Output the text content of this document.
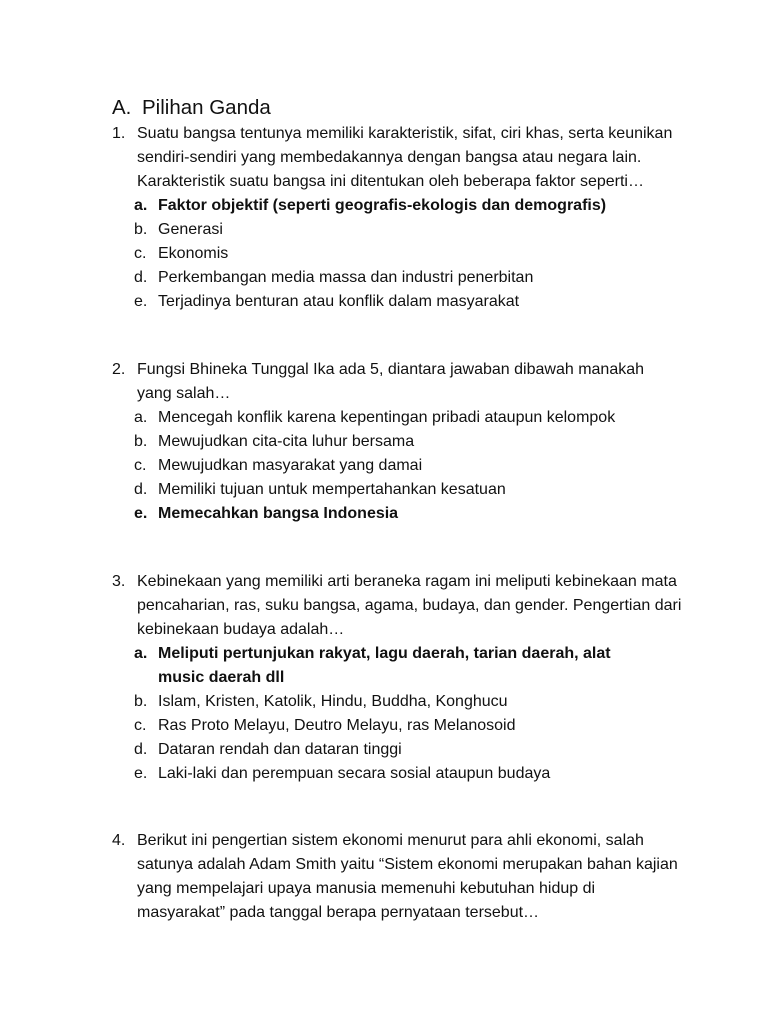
A. Pilihan Ganda
1. Suatu bangsa tentunya memiliki karakteristik, sifat, ciri khas, serta keunikan sendiri-sendiri yang membedakannya dengan bangsa atau negara lain. Karakteristik suatu bangsa ini ditentukan oleh beberapa faktor seperti…
a. Faktor objektif (seperti geografis-ekologis dan demografis)
b. Generasi
c. Ekonomis
d. Perkembangan media massa dan industri penerbitan
e. Terjadinya benturan atau konflik dalam masyarakat
2. Fungsi Bhineka Tunggal Ika ada 5, diantara jawaban dibawah manakah yang salah…
a. Mencegah konflik karena kepentingan pribadi ataupun kelompok
b. Mewujudkan cita-cita luhur bersama
c. Mewujudkan masyarakat yang damai
d. Memiliki tujuan untuk mempertahankan kesatuan
e. Memecahkan bangsa Indonesia
3. Kebinekaan yang memiliki arti beraneka ragam ini meliputi kebinekaan mata pencaharian, ras, suku bangsa, agama, budaya, dan gender. Pengertian dari kebinekaan budaya adalah…
a. Meliputi pertunjukan rakyat, lagu daerah, tarian daerah, alat music daerah dll
b. Islam, Kristen, Katolik, Hindu, Buddha, Konghucu
c. Ras Proto Melayu, Deutro Melayu, ras Melanosoid
d. Dataran rendah dan dataran tinggi
e. Laki-laki dan perempuan secara sosial ataupun budaya
4. Berikut ini pengertian sistem ekonomi menurut para ahli ekonomi, salah satunya adalah Adam Smith yaitu “Sistem ekonomi merupakan bahan kajian yang mempelajari upaya manusia memenuhi kebutuhan hidup di masyarakat” pada tanggal berapa pernyataan tersebut…
